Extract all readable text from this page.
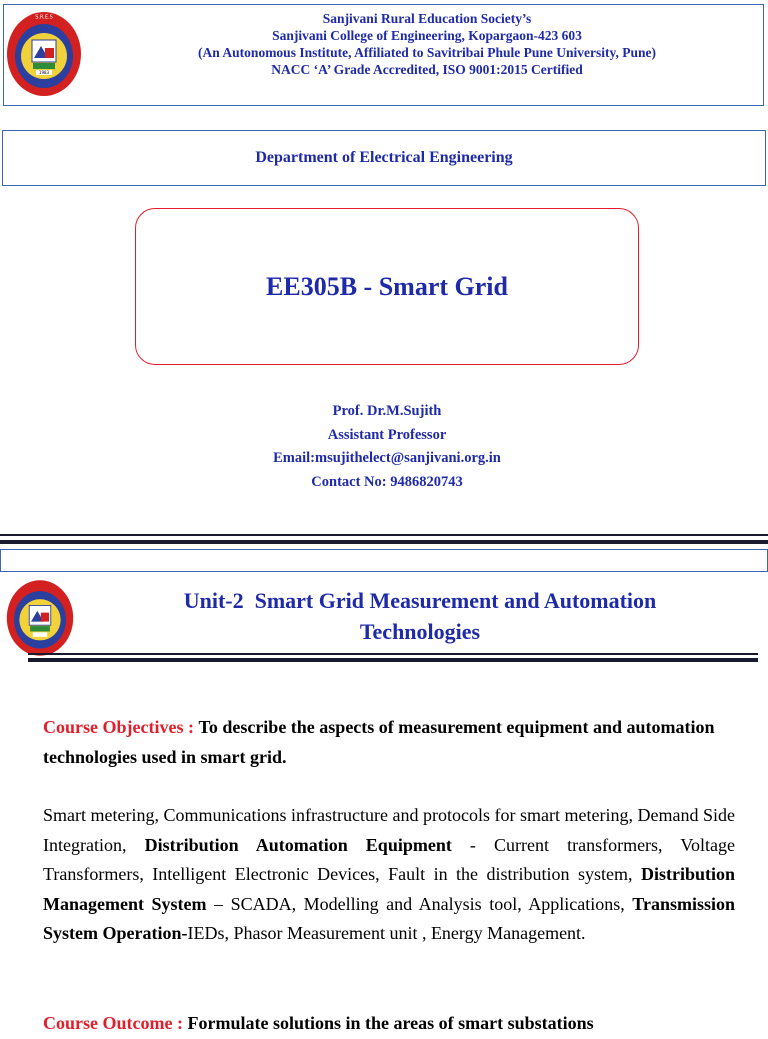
S.R.E.S
1983
Sanjivani Rural Education Society’s
Sanjivani College of Engineering, Kopargaon-423 603
(An Autonomous Institute, Affiliated to Savitribai Phule Pune University, Pune)
NACC ‘A’ Grade Accredited, ISO 9001:2015 Certified
Department of Electrical Engineering
EE305B - Smart Grid
Prof. Dr.M.Sujith
Assistant Professor
Email:msujithelect@sanjivani.org.in
Contact No: 9486820743
Unit-2  Smart Grid Measurement and Automation
Technologies
Course Objectives : To describe the aspects of measurement equipment and automation technologies used in smart grid.
Smart metering, Communications infrastructure and protocols for smart metering, Demand Side Integration, Distribution Automation Equipment - Current transformers, Voltage Transformers, Intelligent Electronic Devices, Fault in the distribution system, Distribution Management System – SCADA, Modelling and Analysis tool, Applications, Transmission System Operation-IEDs, Phasor Measurement unit , Energy Management.
Course Outcome : Formulate solutions in the areas of smart substations
